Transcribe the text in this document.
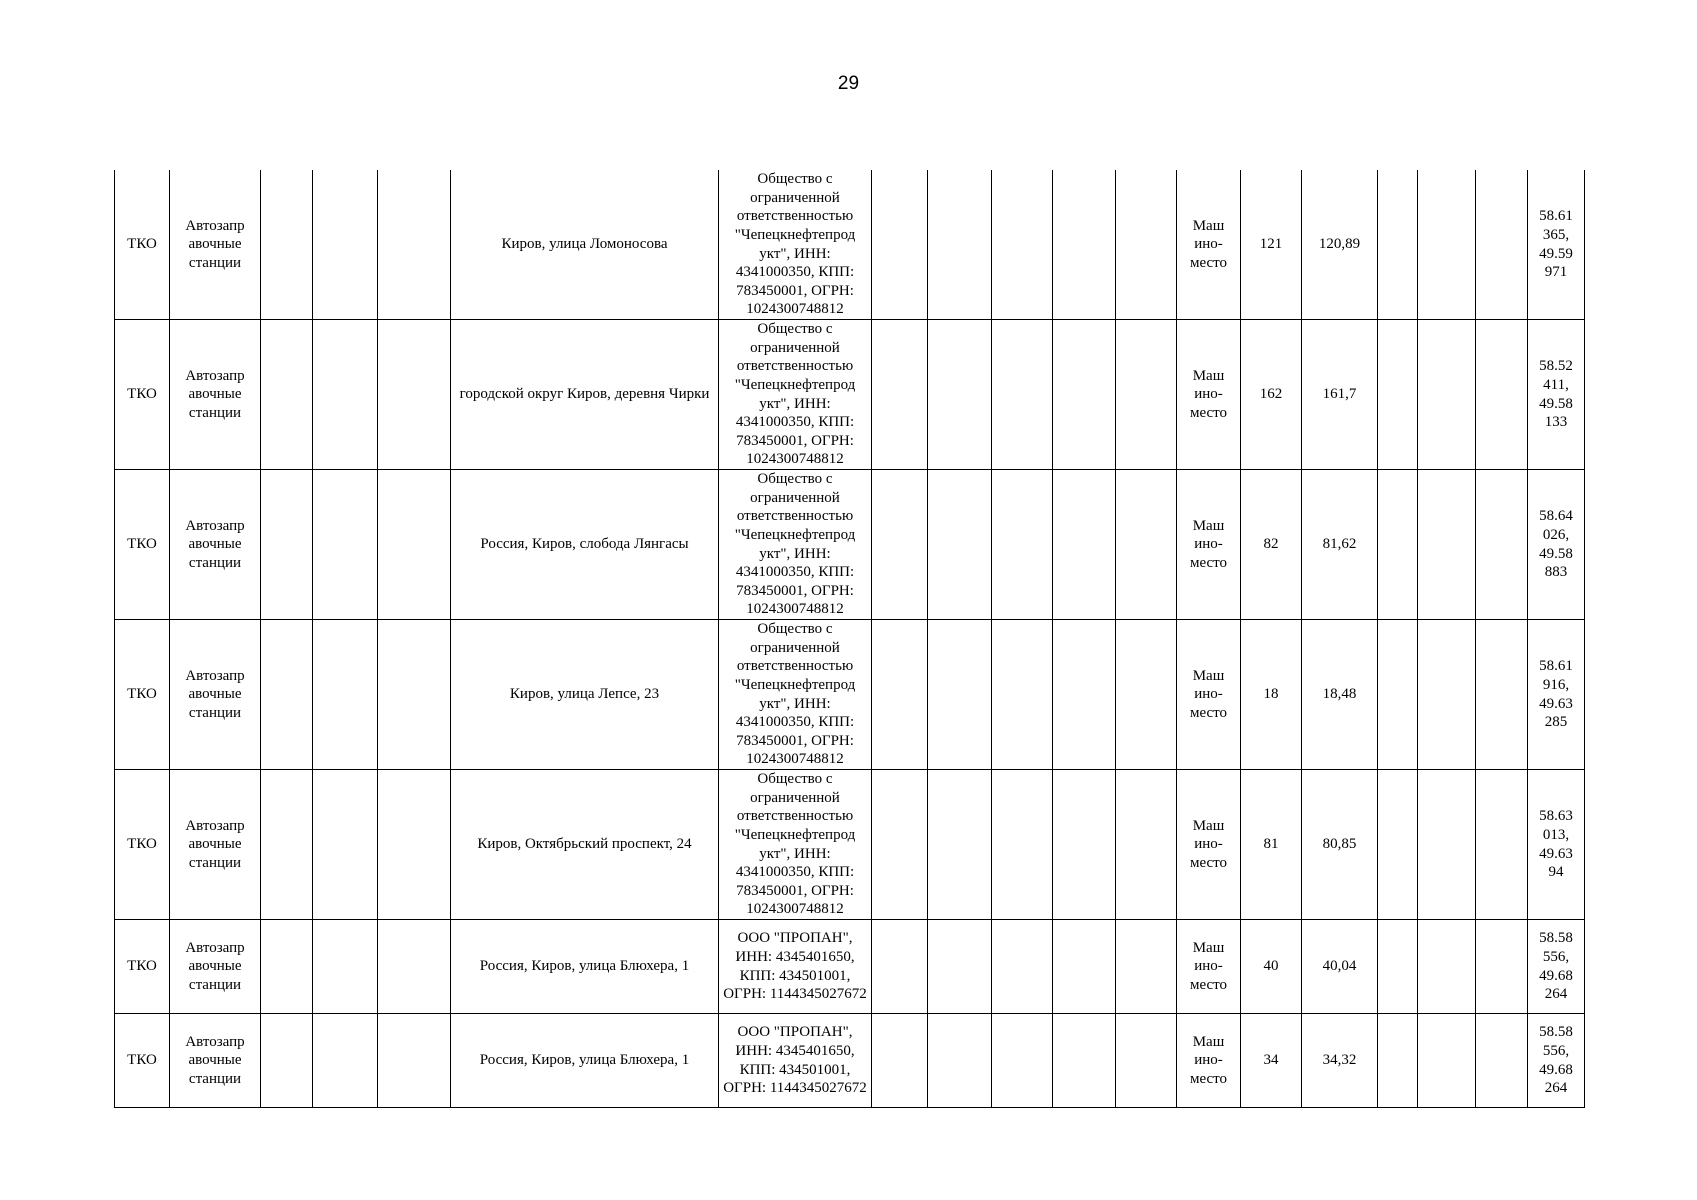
29
ТКО	Автозапр авочные станции				Киров, улица Ломоносова	Общество с ограниченной ответственностью "Чепецкнефтепрод укт", ИНН: 4341000350, КПП: 783450001, ОГРН: 1024300748812						Маш ино-место	121	120,89				58.61 365, 49.59 971
ТКО	Автозапр авочные станции				городской округ Киров, деревня Чирки	Общество с ограниченной ответственностью "Чепецкнефтепрод укт", ИНН: 4341000350, КПП: 783450001, ОГРН: 1024300748812						Маш ино-место	162	161,7				58.52 411, 49.58 133
ТКО	Автозапр авочные станции				Россия, Киров, слобода Лянгасы	Общество с ограниченной ответственностью "Чепецкнефтепрод укт", ИНН: 4341000350, КПП: 783450001, ОГРН: 1024300748812						Маш ино-место	82	81,62				58.64 026, 49.58 883
ТКО	Автозапр авочные станции				Киров, улица Лепсе, 23	Общество с ограниченной ответственностью "Чепецкнефтепрод укт", ИНН: 4341000350, КПП: 783450001, ОГРН: 1024300748812						Маш ино-место	18	18,48				58.61 916, 49.63 285
ТКО	Автозапр авочные станции				Киров, Октябрьский проспект, 24	Общество с ограниченной ответственностью "Чепецкнефтепрод укт", ИНН: 4341000350, КПП: 783450001, ОГРН: 1024300748812						Маш ино-место	81	80,85				58.63 013, 49.63 94
ТКО	Автозапр авочные станции				Россия, Киров, улица Блюхера, 1	ООО "ПРОПАН", ИНН: 4345401650, КПП: 434501001, ОГРН: 1144345027672						Маш ино-место	40	40,04				58.58 556, 49.68 264
ТКО	Автозапр авочные станции				Россия, Киров, улица Блюхера, 1	ООО "ПРОПАН", ИНН: 4345401650, КПП: 434501001, ОГРН: 1144345027672						Маш ино-место	34	34,32				58.58 556, 49.68 264
